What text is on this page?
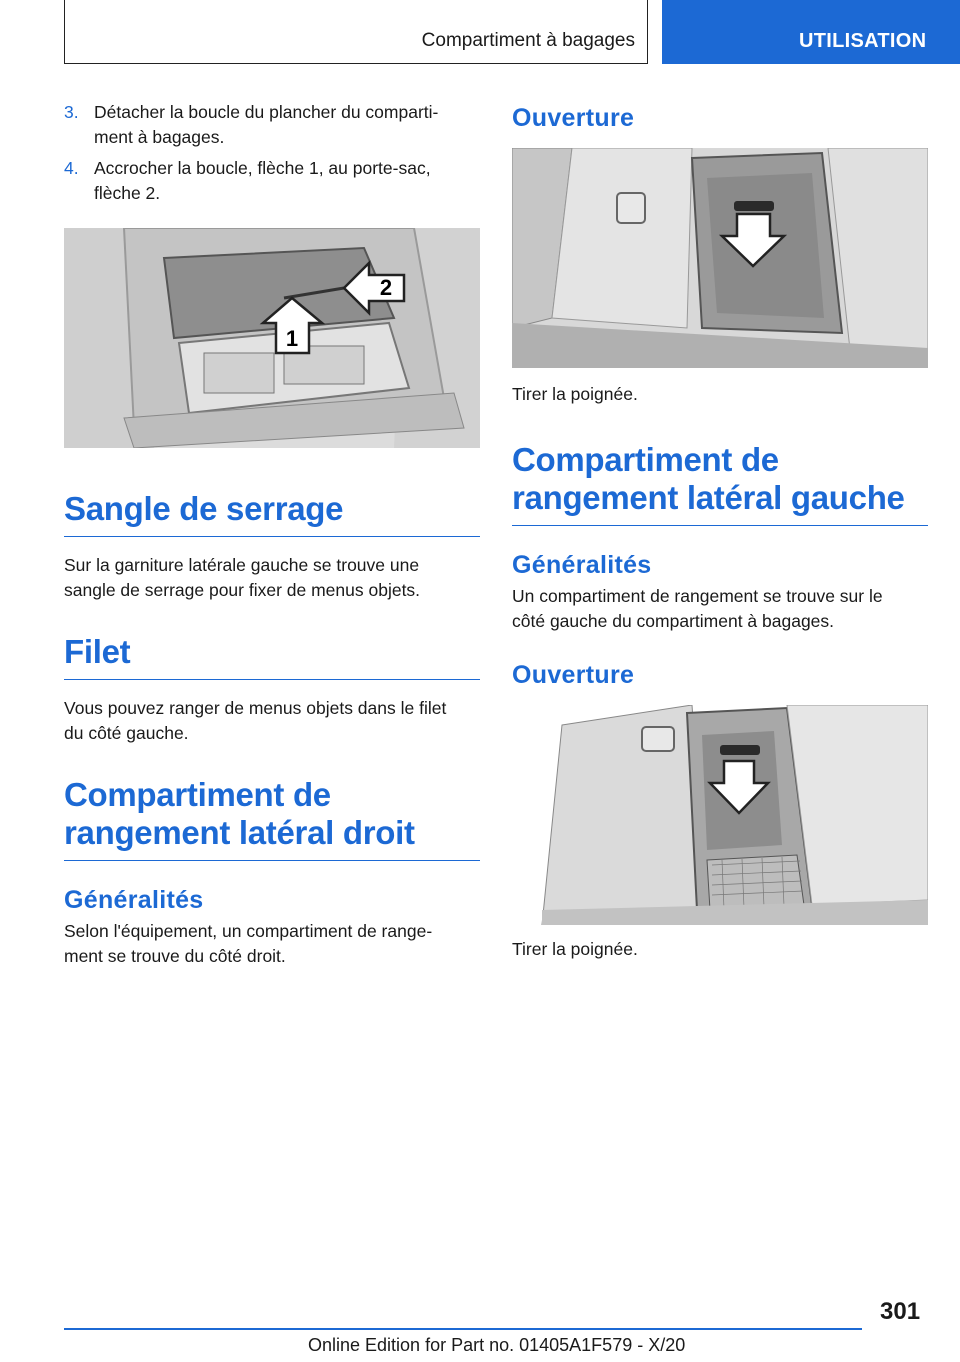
Compartiment à bagages	UTILISATION
3. Détacher la boucle du plancher du comparti-
ment à bagages.
4. Accrocher la boucle, flèche 1, au porte-sac,
flèche 2.
1
2
Sangle de serrage

Sur la garniture latérale gauche se trouve une
sangle de serrage pour fixer de menus objets.

Filet

Vous pouvez ranger de menus objets dans le filet
du côté gauche.

Compartiment de
rangement latéral droit
Généralités

Selon l'équipement, un compartiment de range-
ment se trouve du côté droit.

Ouverture
Tirer la poignée.
Compartiment de
rangement latéral gauche
Généralités

Un compartiment de rangement se trouve sur le
côté gauche du compartiment à bagages.

Ouverture
Tirer la poignée.
301
Online Edition for Part no. 01405A1F579 - X/20
